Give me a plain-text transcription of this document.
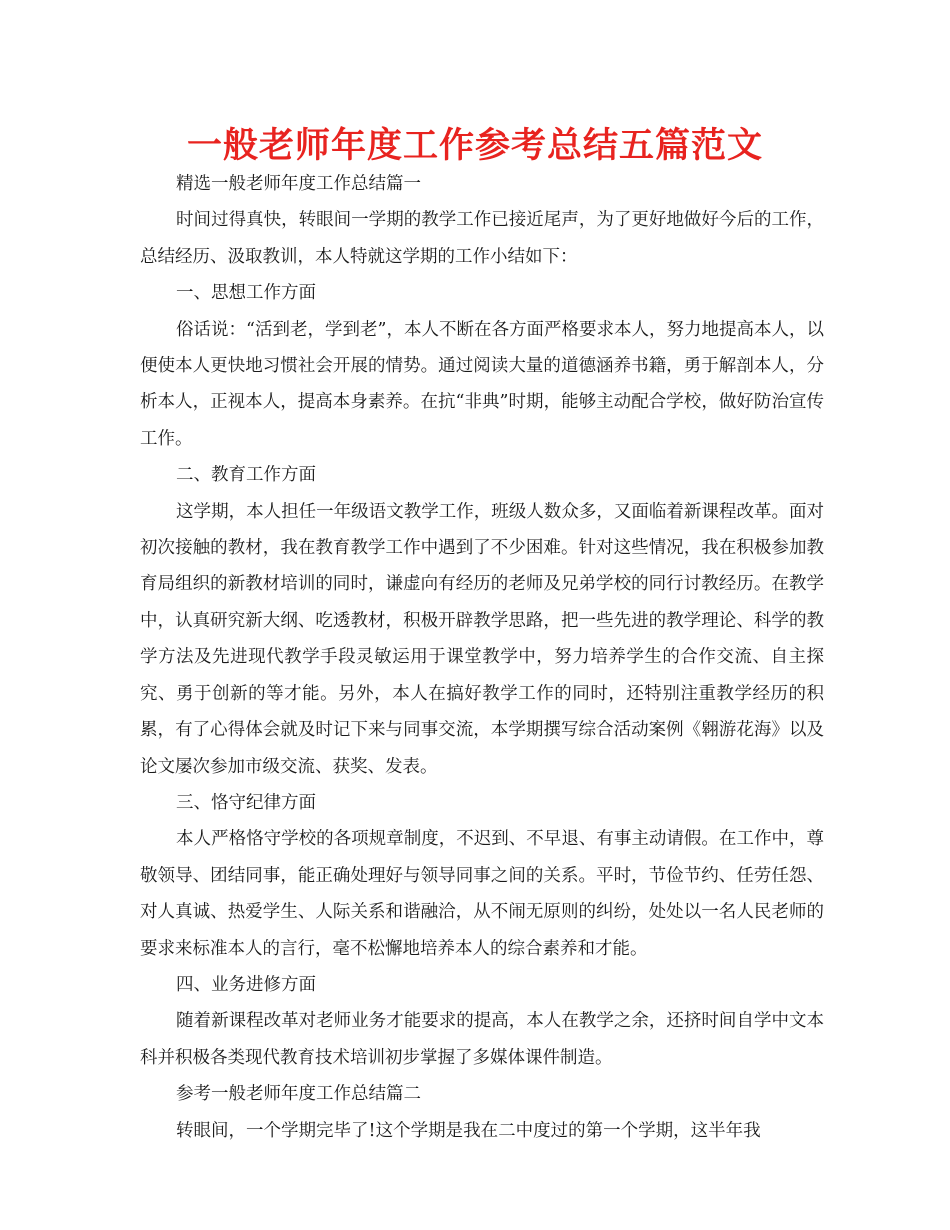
一般老师年度工作参考总结五篇范文

精选一般老师年度工作总结篇一

时间过得真快，转眼间一学期的教学工作已接近尾声，为了更好地做好今后的工作，总结经历、汲取教训，本人特就这学期的工作小结如下：

一、思想工作方面

俗话说：“活到老，学到老”，本人不断在各方面严格要求本人，努力地提高本人，以便使本人更快地习惯社会开展的情势。通过阅读大量的道德涵养书籍，勇于解剖本人，分析本人，正视本人，提高本身素养。在抗“非典”时期，能够主动配合学校，做好防治宣传工作。

二、教育工作方面

这学期，本人担任一年级语文教学工作，班级人数众多，又面临着新课程改革。面对初次接触的教材，我在教育教学工作中遇到了不少困难。针对这些情况，我在积极参加教育局组织的新教材培训的同时，谦虚向有经历的老师及兄弟学校的同行讨教经历。在教学中，认真研究新大纲、吃透教材，积极开辟教学思路，把一些先进的教学理论、科学的教学方法及先进现代教学手段灵敏运用于课堂教学中，努力培养学生的合作交流、自主探究、勇于创新的等才能。另外，本人在搞好教学工作的同时，还特别注重教学经历的积累，有了心得体会就及时记下来与同事交流，本学期撰写综合活动案例《翱游花海》以及论文屡次参加市级交流、获奖、发表。

三、恪守纪律方面

本人严格恪守学校的各项规章制度，不迟到、不早退、有事主动请假。在工作中，尊敬领导、团结同事，能正确处理好与领导同事之间的关系。平时，节俭节约、任劳任怨、对人真诚、热爱学生、人际关系和谐融洽，从不闹无原则的纠纷，处处以一名人民老师的要求来标准本人的言行，毫不松懈地培养本人的综合素养和才能。

四、业务进修方面

随着新课程改革对老师业务才能要求的提高，本人在教学之余，还挤时间自学中文本科并积极各类现代教育技术培训初步掌握了多媒体课件制造。

参考一般老师年度工作总结篇二

转眼间，一个学期完毕了!这个学期是我在二中度过的第一个学期，这半年我
